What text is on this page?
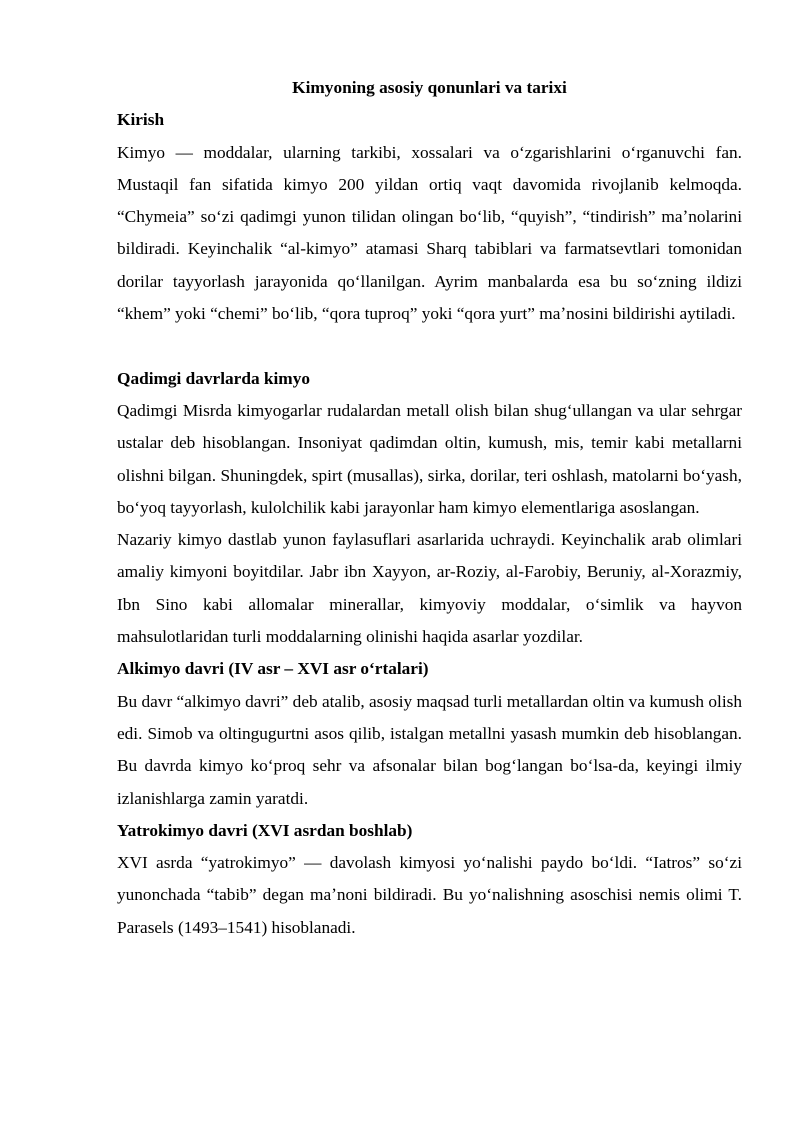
Kimyoning asosiy qonunlari va tarixi

Kirish

Kimyo — moddalar, ularning tarkibi, xossalari va oʻzgarishlarini oʻrganuvchi fan. Mustaqil fan sifatida kimyo 200 yildan ortiq vaqt davomida rivojlanib kelmoqda. “Chymeia” soʻzi qadimgi yunon tilidan olingan boʻlib, “quyish”, “tindirish” maʼnolarini bildiradi. Keyinchalik “al-kimyo” atamasi Sharq tabiblari va farmatsevtlari tomonidan dorilar tayyorlash jarayonida qoʻllanilgan. Ayrim manbalarda esa bu soʻzning ildizi “khem” yoki “chemi” boʻlib, “qora tuproq” yoki “qora yurt” maʼnosini bildirishi aytiladi.

Qadimgi davrlarda kimyo

Qadimgi Misrda kimyogarlar rudalardan metall olish bilan shugʻullangan va ular sehrgar ustalar deb hisoblangan. Insoniyat qadimdan oltin, kumush, mis, temir kabi metallarni olishni bilgan. Shuningdek, spirt (musallas), sirka, dorilar, teri oshlash, matolarni boʻyash, boʻyoq tayyorlash, kulolchilik kabi jarayonlar ham kimyo elementlariga asoslangan.

Nazariy kimyo dastlab yunon faylasuflari asarlarida uchraydi. Keyinchalik arab olimlari amaliy kimyoni boyitdilar. Jabr ibn Xayyon, ar-Roziy, al-Farobiy, Beruniy, al-Xorazmiy, Ibn Sino kabi allomalar minerallar, kimyoviy moddalar, oʻsimlik va hayvon mahsulotlaridan turli moddalarning olinishi haqida asarlar yozdilar.

Alkimyo davri (IV asr – XVI asr oʻrtalari)

Bu davr “alkimyo davri” deb atalib, asosiy maqsad turli metallardan oltin va kumush olish edi. Simob va oltingugurtni asos qilib, istalgan metallni yasash mumkin deb hisoblangan. Bu davrda kimyo koʻproq sehr va afsonalar bilan bogʻlangan boʻlsa-da, keyingi ilmiy izlanishlarga zamin yaratdi.

Yatrokimyo davri (XVI asrdan boshlab)

XVI asrda “yatrokimyo” — davolash kimyosi yoʻnalishi paydo boʻldi. “Iatros” soʻzi yunonchada “tabib” degan maʼnoni bildiradi. Bu yoʻnalishning asoschisi nemis olimi T. Parasels (1493–1541) hisoblanadi.
